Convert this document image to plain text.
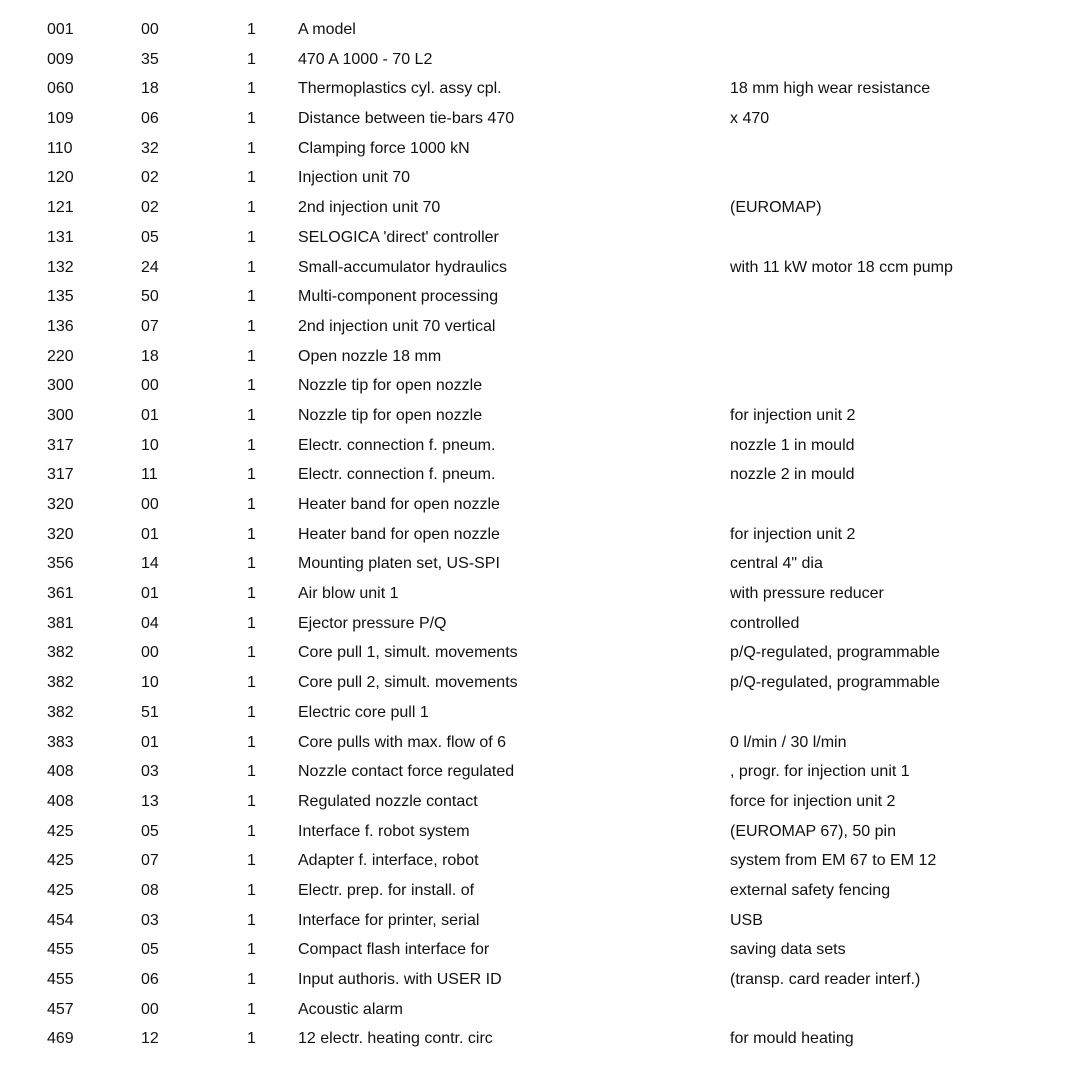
001	00	1	A model
009	35	1	470 A 1000 - 70 L2
060	18	1	Thermoplastics cyl. assy cpl.	18 mm high wear resistance
109	06	1	Distance between tie-bars 470	x 470
110	32	1	Clamping force 1000 kN
120	02	1	Injection unit 70
121	02	1	2nd injection unit 70	(EUROMAP)
131	05	1	SELOGICA 'direct' controller
132	24	1	Small-accumulator hydraulics	with 11 kW motor 18 ccm pump
135	50	1	Multi-component processing
136	07	1	2nd injection unit 70 vertical
220	18	1	Open nozzle 18 mm
300	00	1	Nozzle tip for open nozzle
300	01	1	Nozzle tip for open nozzle	for injection unit 2
317	10	1	Electr. connection f. pneum.	nozzle 1 in mould
317	11	1	Electr. connection f. pneum.	nozzle 2 in mould
320	00	1	Heater band for open nozzle
320	01	1	Heater band for open nozzle	for injection unit 2
356	14	1	Mounting platen set, US-SPI	central 4" dia
361	01	1	Air blow unit 1	with pressure reducer
381	04	1	Ejector pressure P/Q	controlled
382	00	1	Core pull 1, simult. movements	p/Q-regulated, programmable
382	10	1	Core pull 2, simult. movements	p/Q-regulated, programmable
382	51	1	Electric core pull 1
383	01	1	Core pulls with max. flow of 6	0 l/min / 30 l/min
408	03	1	Nozzle contact force regulated	, progr. for injection unit 1
408	13	1	Regulated nozzle contact	force for injection unit 2
425	05	1	Interface f. robot system	(EUROMAP 67), 50 pin
425	07	1	Adapter f. interface, robot	system from EM 67 to EM 12
425	08	1	Electr. prep. for install. of	external safety fencing
454	03	1	Interface for printer, serial	USB
455	05	1	Compact flash interface for	saving data sets
455	06	1	Input authoris. with USER ID	(transp. card reader interf.)
457	00	1	Acoustic alarm
469	12	1	12 electr. heating contr. circ	for mould heating
